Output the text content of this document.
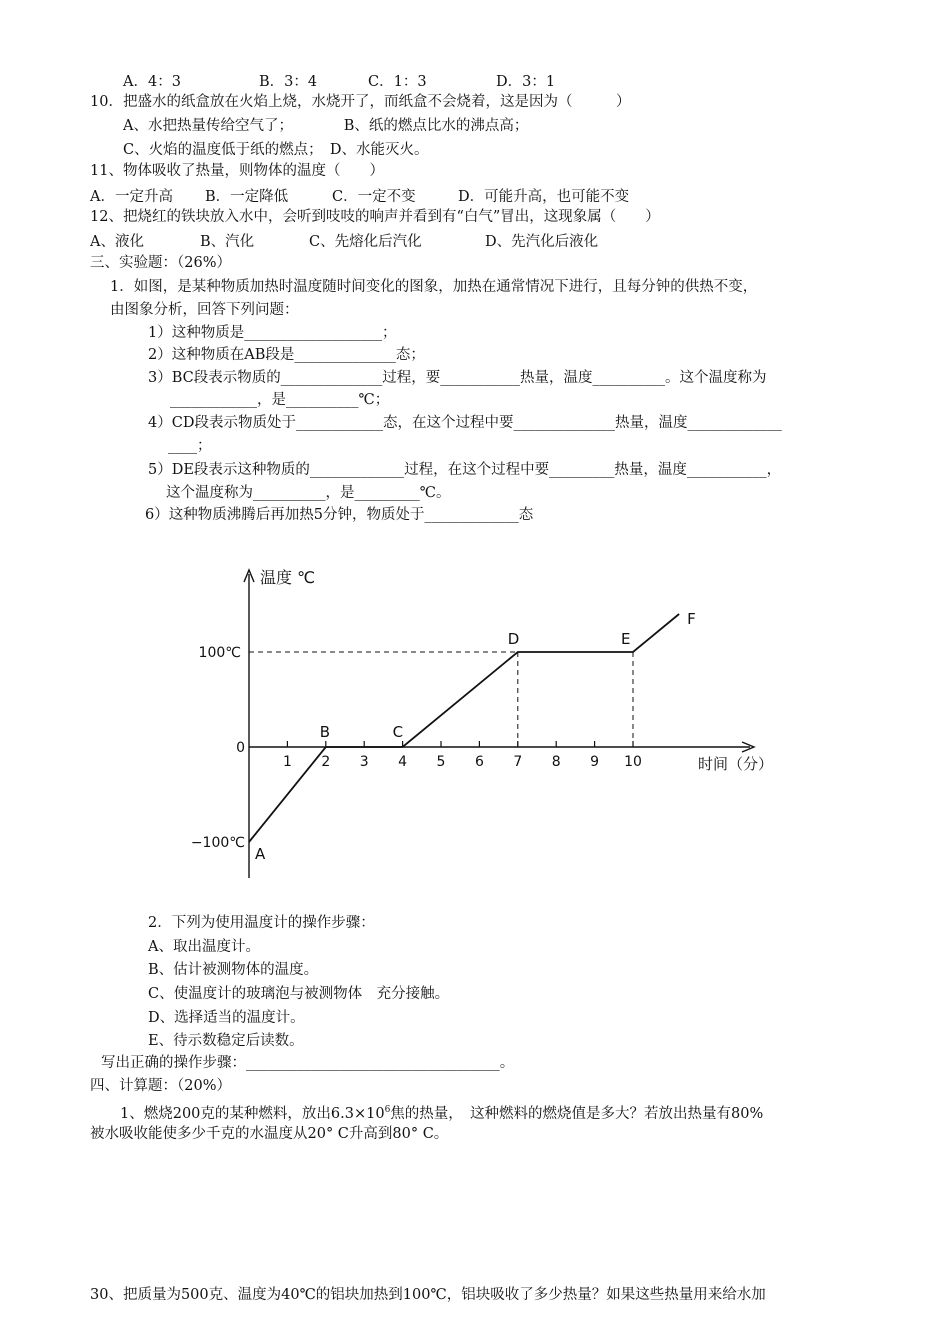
A．4：3	B．3：4	C．1：3	D．3：1
10．把盛水的纸盒放在火焰上烧，水烧开了，而纸盒不会烧着，这是因为（　　　）
A、水把热量传给空气了；　　　　B、纸的燃点比水的沸点高；
C、火焰的温度低于纸的燃点；　D、水能灭火。
11、物体吸收了热量，则物体的温度（　　）
A．一定升高 B．一定降低	C．一定不变	D．可能升高，也可能不变
12、把烧红的铁块放入水中，会听到吱吱的响声并看到有“白气”冒出，这现象属（　　）
A、液化	B、汽化	C、先熔化后汽化	D、先汽化后液化
三、实验题：（26%）
1．如图，是某种物质加热时温度随时间变化的图象，加热在通常情况下进行，且每分钟的供热不变，
由图象分析，回答下列问题：
1）这种物质是___________________；
2）这种物质在AB段是______________态；
3）BC段表示物质的______________过程，要___________热量，温度__________。这个温度称为
____________，是__________℃；
4）CD段表示物质处于____________态，在这个过程中要______________热量，温度_____________
____；
5）DE段表示这种物质的_____________过程，在这个过程中要_________热量，温度___________，
这个温度称为__________，是_________℃。
6）这种物质沸腾后再加热5分钟，物质处于_____________态
温度 ℃
时间（分）
1 2 3 4 5 6 7 8 9 10
100℃
0
−100℃
A
B	C
D	E
F
2．下列为使用温度计的操作步骤：
A、取出温度计。
B、估计被测物体的温度。
C、使温度计的玻璃泡与被测物体　充分接触。
D、选择适当的温度计。
E、待示数稳定后读数。
写出正确的操作步骤：___________________________________。
四、计算题：（20%）
1、燃烧200克的某种燃料，放出$6.3\times 10^6$焦的热量，　这种燃料的燃烧值是多大？若放出热量有80%
被水吸收能使多少千克的水温度从20° C升高到80° C。
30、把质量为500克、温度为40℃的铝块加热到100℃，铝块吸收了多少热量？如果这些热量用来给水加
